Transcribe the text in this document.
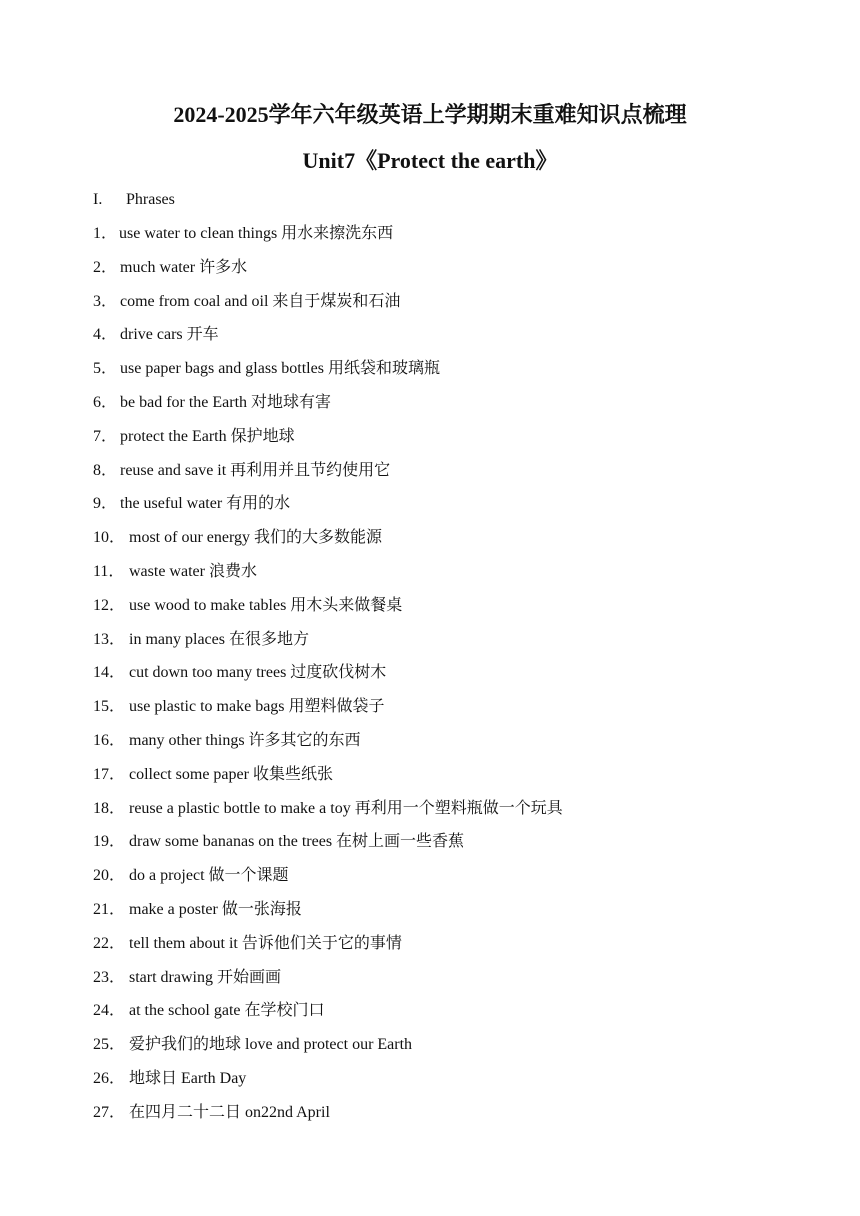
2024-2025学年六年级英语上学期期末重难知识点梳理
Unit7《Protect the earth》
I. Phrases
1． use water to clean things 用水来擦洗东西
2． much water 许多水
3． come from coal and oil 来自于煤炭和石油
4． drive cars 开车
5． use paper bags and glass bottles 用纸袋和玻璃瓶
6． be bad for the Earth 对地球有害
7． protect the Earth 保护地球
8． reuse and save it 再利用并且节约使用它
9． the useful water 有用的水
10． most of our energy 我们的大多数能源
11． waste water 浪费水
12． use wood to make tables 用木头来做餐桌
13． in many places 在很多地方
14． cut down too many trees 过度砍伐树木
15． use plastic to make bags 用塑料做袋子
16． many other things 许多其它的东西
17． collect some paper 收集些纸张
18． reuse a plastic bottle to make a toy 再利用一个塑料瓶做一个玩具
19． draw some bananas on the trees 在树上画一些香蕉
20． do a project 做一个课题
21． make a poster 做一张海报
22． tell them about it 告诉他们关于它的事情
23． start drawing 开始画画
24． at the school gate 在学校门口
25． 爱护我们的地球 love and protect our Earth
26． 地球日 Earth Day
27． 在四月二十二日 on22nd April
